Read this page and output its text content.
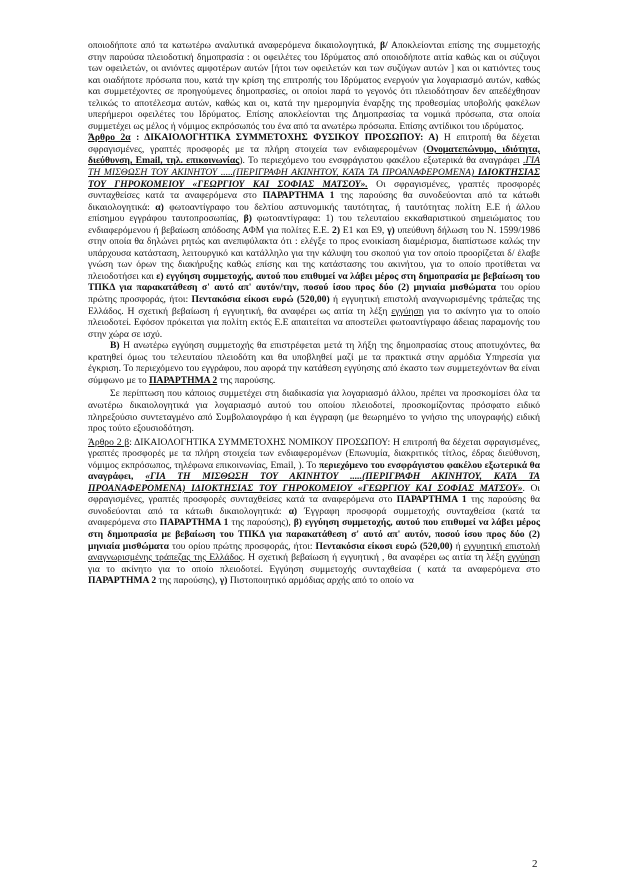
οποιοδήποτε από τα κατωτέρω αναλυτικά αναφερόμενα δικαιολογητικά, β/ Αποκλείονται επίσης της συμμετοχής στην παρούσα πλειοδοτική δημοπρασία : οι οφειλέτες του Ιδρύματος από οποιοδήποτε αιτία καθώς και οι σύζυγοι των οφειλετών, οι ανιόντες αμφοτέρων αυτών [ήτοι των οφειλετών και των συζύγων αυτών ] και οι κατιόντες τους και οιαδήποτε πρόσωπα που, κατά την κρίση της επιτροπής του Ιδρύματος ενεργούν για λογαριασμό αυτών, καθώς και συμμετέχοντες σε προηγούμενες δημοπρασίες, οι οποίοι παρά το γεγονός ότι πλειοδότησαν δεν απεδέχθησαν τελικώς το αποτέλεσμα αυτών, καθώς και οι, κατά την ημερομηνία έναρξης της προθεσμίας υποβολής φακέλων υπερήμεροι οφειλέτες του Ιδρύματος. Επίσης αποκλείονται της Δημοπρασίας τα νομικά πρόσωπα, στα οποία συμμετέχει ως μέλος ή νόμιμος εκπρόσωπός του ένα από τα ανωτέρω πρόσωπα. Επίσης αντίδικοι του ιδρύματος.

Άρθρο 2α : ΔΙΚΑΙΟΛΟΓΗΤΙΚΑ ΣΥΜΜΕΤΟΧΗΣ ΦΥΣΙΚΟΥ ΠΡΟΣΩΠΟΥ: Α) Η επιτροπή θα δέχεται σφραγισμένες, γραπτές προσφορές με τα πλήρη στοιχεία των ενδιαφερομένων (Ονοματεπώνυμο, ιδιότητα, διεύθυνση, Email, τηλ. επικοινωνίας). Το περιεχόμενο του ενσφράγιστου φακέλου εξωτερικά θα αναγράφει .ΓΙΑ ΤΗ ΜΙΣΘΩΣΗ ΤΟΥ ΑΚΙΝΗΤΟΥ .....(ΠΕΡΙΓΡΑΦΗ ΑΚΙΝΗΤΟΥ, ΚΑΤΑ ΤΑ ΠΡΟΑΝΑΦΕΡΟΜΕΝΑ) ΙΔΙΟΚΤΗΣΙΑΣ ΤΟΥ ΓΗΡΟΚΟΜΕΙΟΥ «ΓΕΩΡΓΙΟΥ ΚΑΙ ΣΟΦΙΑΣ ΜΑΤΣΟΥ». Οι σφραγισμένες, γραπτές προσφορές συνταχθείσες κατά τα αναφερόμενα στο ΠΑΡΑΡΤΗΜΑ 1 της παρούσης θα συνοδεύονται από τα κάτωθι δικαιολογητικά: α) φωτοαντίγραφο του δελτίου αστυνομικής ταυτότητας, ή ταυτότητας πολίτη Ε.Ε ή άλλου επίσημου εγγράφου ταυτοπροσωπίας, β) φωτοαντίγραφα: 1) του τελευταίου εκκαθαριστικού σημειώματος του ενδιαφερόμενου ή βεβαίωση απόδοσης ΑΦΜ για πολίτες Ε.Ε. 2) Ε1 και Ε9, γ) υπεύθυνη δήλωση του Ν. 1599/1986 στην οποία θα δηλώνει ρητώς και ανεπιφύλακτα ότι : ελέγξε το προς ενοικίαση διαμέρισμα, διαπίστωσε καλώς την υπάρχουσα κατάσταση, λειτουργικό και κατάλληλο για την κάλυψη του σκοπού για τον οποίο προορίζεται δ/ έλαβε γνώση των όρων της διακήρυξης καθώς επίσης και της κατάστασης του ακινήτου, για το οποίο προτίθεται να πλειοδοτήσει και ε) εγγύηση συμμετοχής, αυτού που επιθυμεί να λάβει μέρος στη δημοπρασία με βεβαίωση του ΤΠΚΔ για παρακατάθεση σ' αυτό απ' αυτόν/την, ποσού ίσου προς δύο (2) μηνιαία μισθώματα του ορίου πρώτης προσφοράς, ήτοι: Πεντακόσια είκοσι ευρώ (520,00) ή εγγυητική επιστολή αναγνωρισμένης τράπεζας της Ελλάδος. Η σχετική βεβαίωση ή εγγυητική, θα αναφέρει ως αιτία τη λέξη εγγύηση για το ακίνητο για το οποίο πλειοδοτεί. Εφόσον πρόκειται για πολίτη εκτός Ε.Ε απαιτείται να αποστείλει φωτοαντίγραφο άδειας παραμονής του στην χώρα σε ισχύ.

Β) Η ανωτέρω εγγύηση συμμετοχής θα επιστρέφεται μετά τη λήξη της δημοπρασίας στους αποτυχόντες, θα κρατηθεί όμως του τελευταίου πλειοδότη και θα υποβληθεί μαζί με τα πρακτικά στην αρμόδια Υπηρεσία για έγκριση. Το περιεχόμενο του εγγράφου, που αφορά την κατάθεση εγγύησης από έκαστο των συμμετεχόντων θα είναι σύμφωνο με το ΠΑΡΑΡΤΗΜΑ 2 της παρούσης.

Σε περίπτωση που κάποιος συμμετέχει στη διαδικασία για λογαριασμό άλλου, πρέπει να προσκομίσει όλα τα ανωτέρω δικαιολογητικά για λογαριασμό αυτού του οποίου πλειοδοτεί, προσκομίζοντας πρόσφατο ειδικό πληρεξούσιο συντεταγμένο από Συμβολαιογράφο ή και έγγραφη (με θεωρημένο το γνήσιο της υπογραφής) ειδική προς τούτο εξουσιοδότηση.

Άρθρο 2 β: ΔΙΚΑΙΟΛΟΓΗΤΙΚΑ ΣΥΜΜΕΤΟΧΗΣ ΝΟΜΙΚΟΥ ΠΡΟΣΩΠΟΥ: Η επιτροπή θα δέχεται σφραγισμένες, γραπτές προσφορές με τα πλήρη στοιχεία των ενδιαφερομένων (Επωνυμία, διακριτικός τίτλος, έδρας διεύθυνση, νόμιμος εκπρόσωπος, τηλέφωνα επικοινωνίας, Email, ). Το περιεχόμενο του ενσφράγιστου φακέλου εξωτερικά θα αναγράφει, «ΓΙΑ ΤΗ ΜΙΣΘΩΣΗ ΤΟΥ ΑΚΙΝΗΤΟΥ .....(ΠΕΡΙΓΡΑΦΗ ΑΚΙΝΗΤΟΥ, ΚΑΤΑ ΤΑ ΠΡΟΑΝΑΦΕΡΟΜΕΝΑ) ΙΔΙΟΚΤΗΣΙΑΣ ΤΟΥ ΓΗΡΟΚΟΜΕΙΟΥ «ΓΕΩΡΓΙΟΥ ΚΑΙ ΣΟΦΙΑΣ ΜΑΤΣΟΥ». Οι σφραγισμένες, γραπτές προσφορές συνταχθείσες κατά τα αναφερόμενα στο ΠΑΡΑΡΤΗΜΑ 1 της παρούσης θα συνοδεύονται από τα κάτωθι δικαιολογητικά: α) Έγγραφη προσφορά συμμετοχής συνταχθείσα (κατά τα αναφερόμενα στο ΠΑΡΑΡΤΗΜΑ 1 της παρούσης), β) εγγύηση συμμετοχής, αυτού που επιθυμεί να λάβει μέρος στη δημοπρασία με βεβαίωση του ΤΠΚΔ για παρακατάθεση σ' αυτό απ' αυτόν, ποσού ίσου προς δύο (2) μηνιαία μισθώματα του ορίου πρώτης προσφοράς, ήτοι: Πεντακόσια είκοσι ευρώ (520,00) ή εγγυητική επιστολή αναγνωρισμένης τράπεζας της Ελλάδος. Η σχετική βεβαίωση ή εγγυητική , θα αναφέρει ως αιτία τη λέξη εγγύηση για το ακίνητο για το οποίο πλειοδοτεί. Εγγύηση συμμετοχής συνταχθείσα ( κατά τα αναφερόμενα στο ΠΑΡΑΡΤΗΜΑ 2 της παρούσης), γ) Πιστοποιητικό αρμόδιας αρχής από το οποίο να

2
